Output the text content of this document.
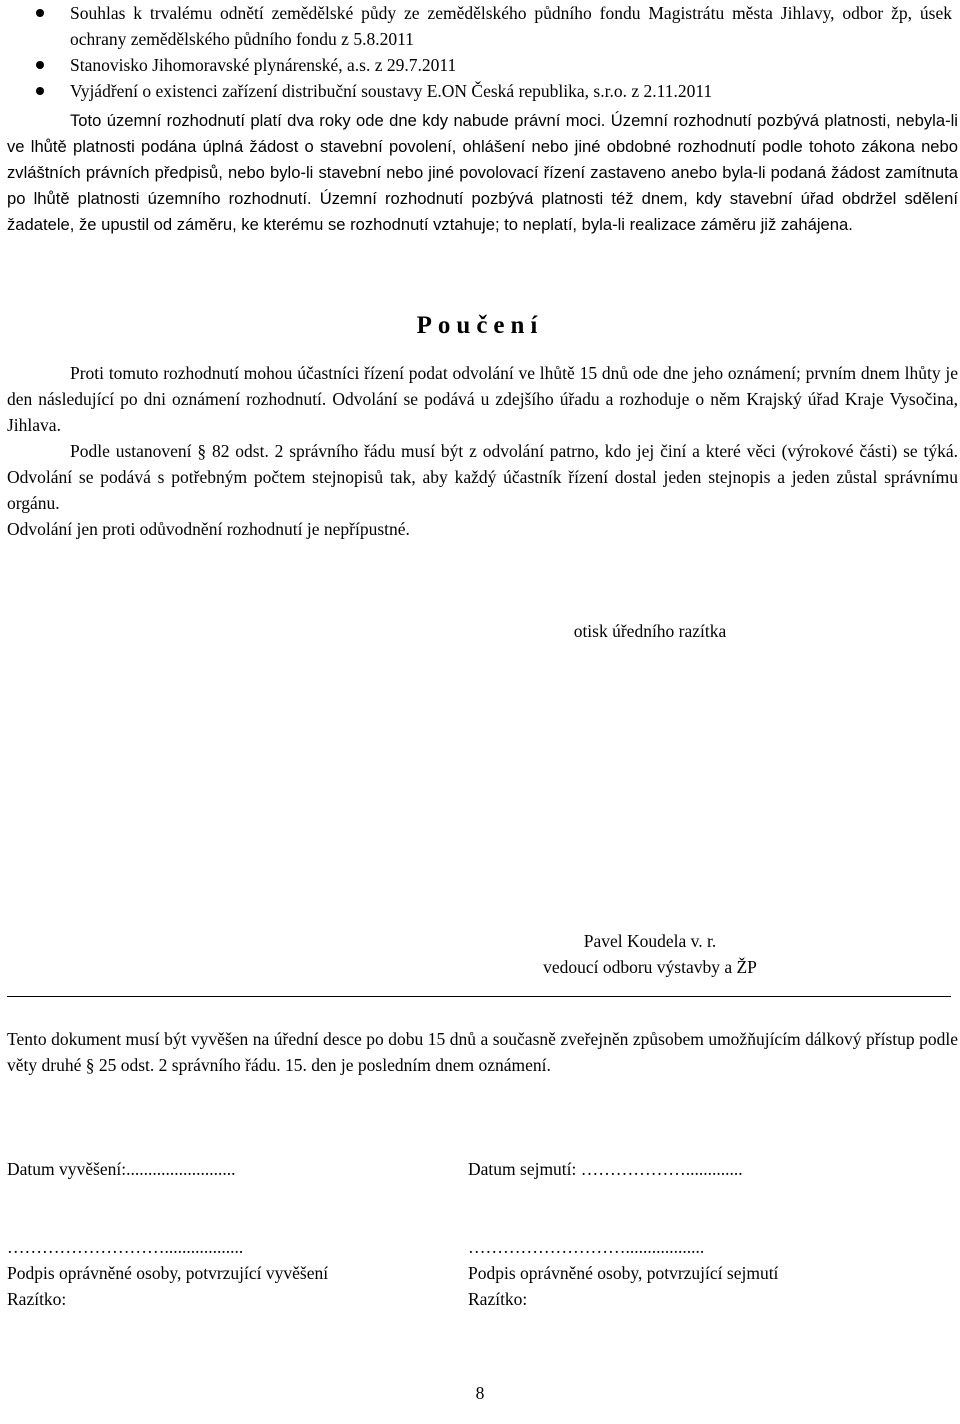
Souhlas k trvalému odnětí zemědělské půdy ze zemědělského půdního fondu Magistrátu města Jihlavy, odbor žp, úsek ochrany zemědělského půdního fondu z 5.8.2011
Stanovisko Jihomoravské plynárenské, a.s. z 29.7.2011
Vyjádření o existenci zařízení distribuční soustavy E.ON Česká republika, s.r.o. z 2.11.2011

Toto územní rozhodnutí platí dva roky ode dne kdy nabude právní moci. Územní rozhodnutí pozbývá platnosti, nebyla-li ve lhůtě platnosti podána úplná žádost o stavební povolení, ohlášení nebo jiné obdobné rozhodnutí podle tohoto zákona nebo zvláštních právních předpisů, nebo bylo-li stavební nebo jiné povolovací řízení zastaveno anebo byla-li podaná žádost zamítnuta po lhůtě platnosti územního rozhodnutí. Územní rozhodnutí pozbývá platnosti též dnem, kdy stavební úřad obdržel sdělení žadatele, že upustil od záměru, ke kterému se rozhodnutí vztahuje; to neplatí, byla-li realizace záměru již zahájena.

Poučení

Proti tomuto rozhodnutí mohou účastníci řízení podat odvolání ve lhůtě 15 dnů ode dne jeho oznámení; prvním dnem lhůty je den následující po dni oznámení rozhodnutí. Odvolání se podává u zdejšího úřadu a rozhoduje o něm Krajský úřad Kraje Vysočina, Jihlava.

Podle ustanovení § 82 odst. 2 správního řádu musí být z odvolání patrno, kdo jej činí a které věci (výrokové části) se týká. Odvolání se podává s potřebným počtem stejnopisů tak, aby každý účastník řízení dostal jeden stejnopis a jeden zůstal správnímu orgánu.

Odvolání jen proti odůvodnění rozhodnutí je nepřípustné.

otisk úředního razítka
Pavel Koudela v. r.
vedoucí odboru výstavby a ŽP

Tento dokument musí být vyvěšen na úřední desce po dobu 15 dnů a současně zveřejněn způsobem umožňujícím dálkový přístup podle věty druhé § 25 odst. 2 správního řádu. 15. den je posledním dnem oznámení.

Datum vyvěšení:.........................
………………………..................
Podpis oprávněné osoby, potvrzující vyvěšení
Razítko:
Datum sejmutí: ……………….............
………………………..................
Podpis oprávněné osoby, potvrzující sejmutí
Razítko:
8
